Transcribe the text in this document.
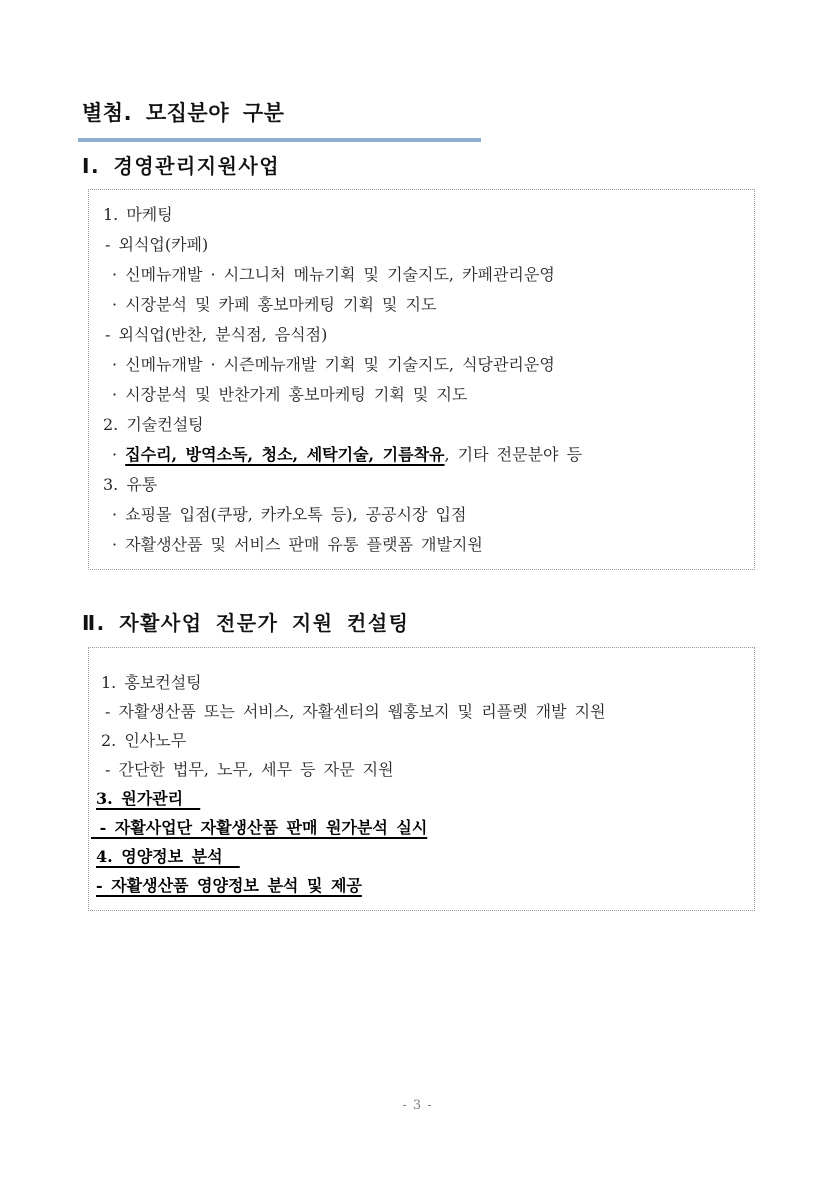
별첨. 모집분야 구분
Ⅰ. 경영관리지원사업
1. 마케팅
- 외식업(카페)
· 신메뉴개발 · 시그니처 메뉴기획 및 기술지도, 카페관리운영
· 시장분석 및 카페 홍보마케팅 기획 및 지도
- 외식업(반찬, 분식점, 음식점)
· 신메뉴개발 · 시즌메뉴개발 기획 및 기술지도, 식당관리운영
· 시장분석 및 반찬가게 홍보마케팅 기획 및 지도
2. 기술컨설팅
· 집수리, 방역소독, 청소, 세탁기술, 기름착유, 기타 전문분야 등
3. 유통
· 쇼핑몰 입점(쿠팡, 카카오톡 등), 공공시장 입점
· 자활생산품 및 서비스 판매 유통 플랫폼 개발지원
Ⅱ. 자활사업 전문가 지원 컨설팅
1. 홍보컨설팅
- 자활생산품 또는 서비스, 자활센터의 웹홍보지 및 리플렛 개발 지원
2. 인사노무
- 간단한 법무, 노무, 세무 등 자문 지원
3. 원가관리
- 자활사업단 자활생산품 판매 원가분석 실시
4. 영양정보 분석
- 자활생산품 영양정보 분석 및 제공
- 3 -
